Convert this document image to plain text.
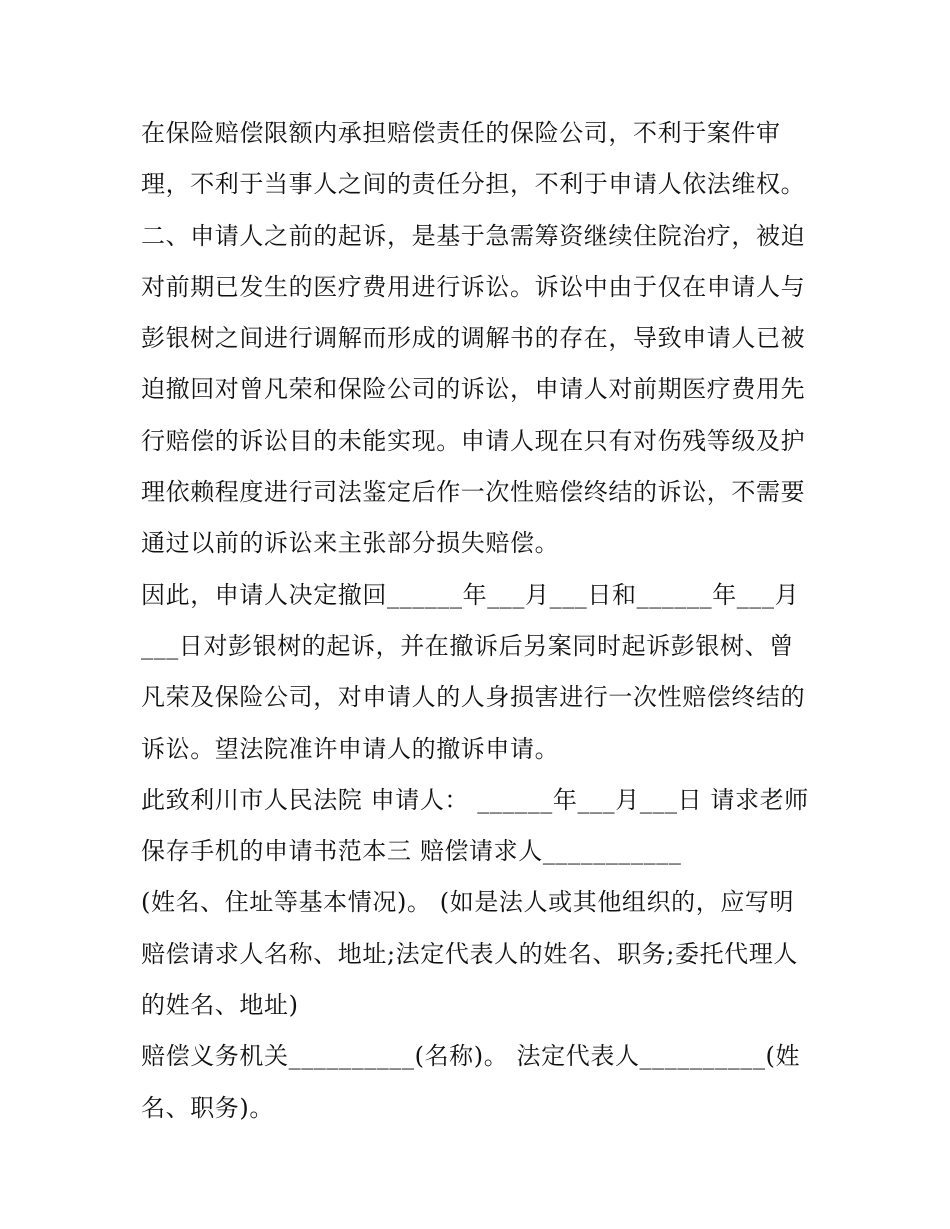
在保险赔偿限额内承担赔偿责任的保险公司，不利于案件审
理，不利于当事人之间的责任分担，不利于申请人依法维权。
二、申请人之前的起诉，是基于急需筹资继续住院治疗，被迫
对前期已发生的医疗费用进行诉讼。诉讼中由于仅在申请人与
彭银树之间进行调解而形成的调解书的存在，导致申请人已被
迫撤回对曾凡荣和保险公司的诉讼，申请人对前期医疗费用先
行赔偿的诉讼目的未能实现。申请人现在只有对伤残等级及护
理依赖程度进行司法鉴定后作一次性赔偿终结的诉讼，不需要
通过以前的诉讼来主张部分损失赔偿。
因此，申请人决定撤回______年___月___日和______年___月
___日对彭银树的起诉，并在撤诉后另案同时起诉彭银树、曾
凡荣及保险公司，对申请人的人身损害进行一次性赔偿终结的
诉讼。望法院准许申请人的撤诉申请。
此致利川市人民法院 申请人： ______年___月___日 请求老师
保存手机的申请书范本三 赔偿请求人___________
(姓名、住址等基本情况)。 (如是法人或其他组织的，应写明
赔偿请求人名称、地址;法定代表人的姓名、职务;委托代理人
的姓名、地址)
赔偿义务机关__________(名称)。 法定代表人__________(姓
名、职务)。
